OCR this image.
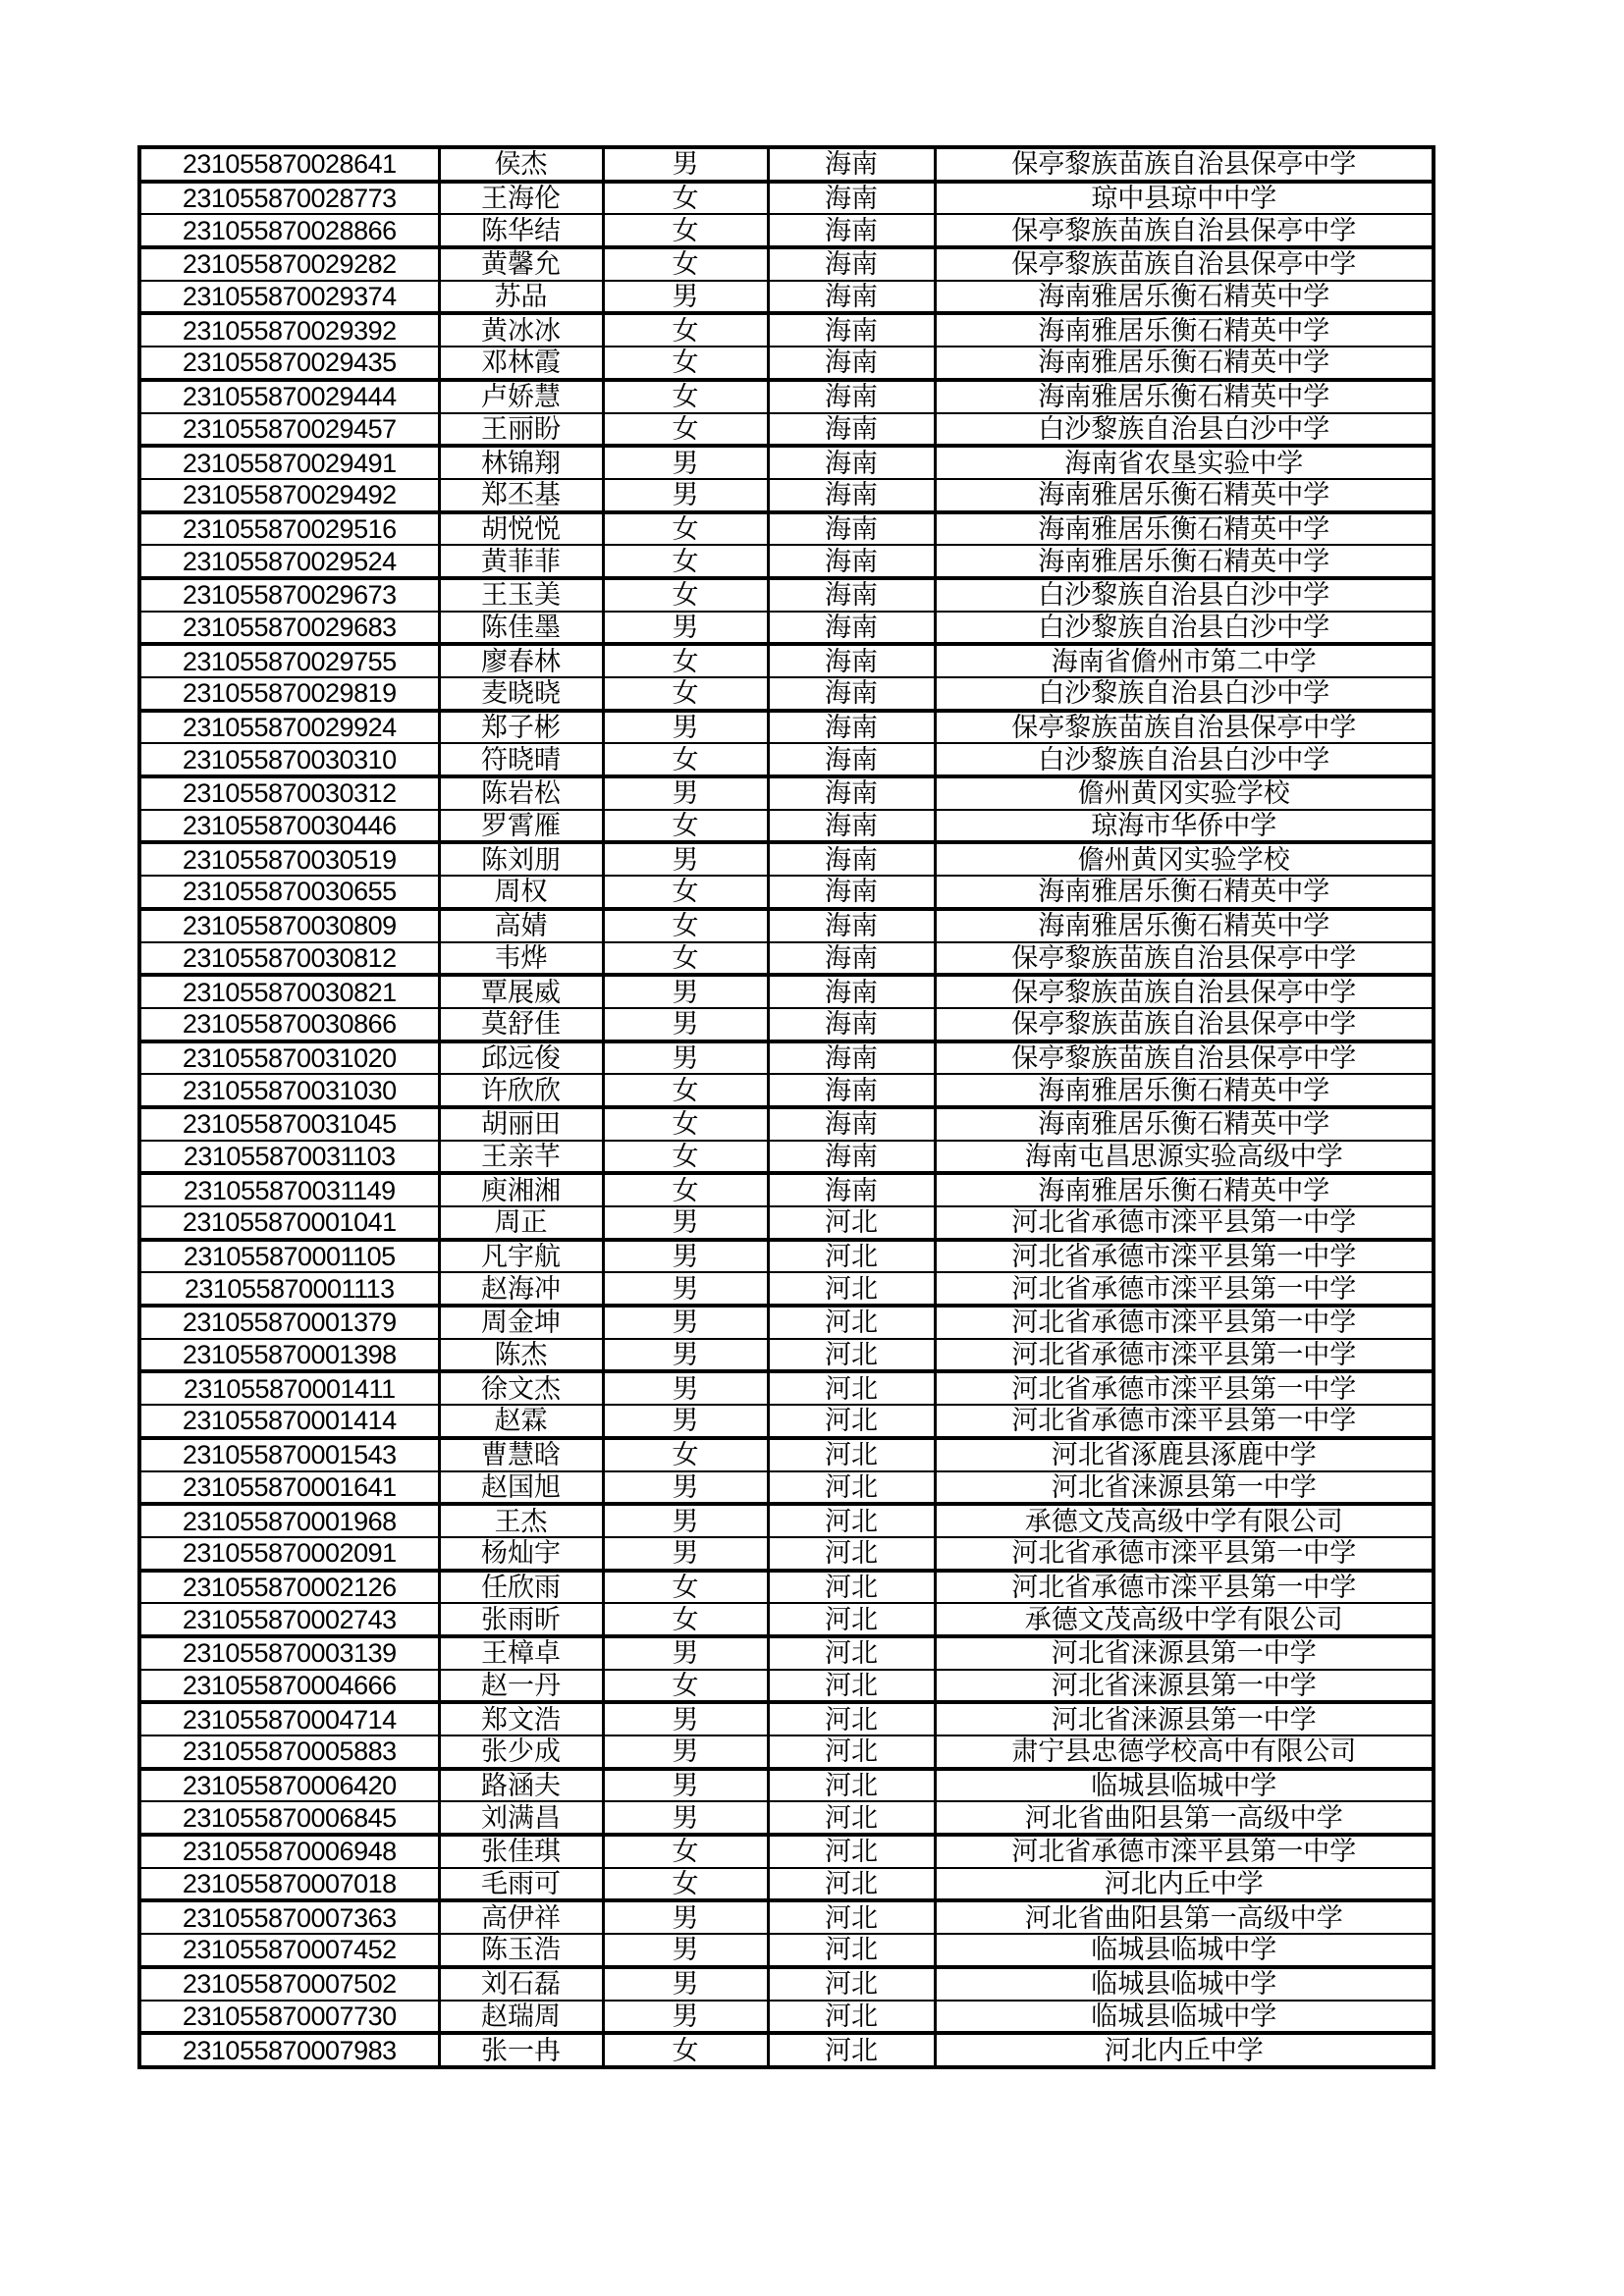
231055870028641	侯杰	男	海南	保亭黎族苗族自治县保亭中学
231055870028773	王海伦	女	海南	琼中县琼中中学
231055870028866	陈华结	女	海南	保亭黎族苗族自治县保亭中学
231055870029282	黄馨允	女	海南	保亭黎族苗族自治县保亭中学
231055870029374	苏品	男	海南	海南雅居乐衡石精英中学
231055870029392	黄冰冰	女	海南	海南雅居乐衡石精英中学
231055870029435	邓林霞	女	海南	海南雅居乐衡石精英中学
231055870029444	卢娇慧	女	海南	海南雅居乐衡石精英中学
231055870029457	王丽盼	女	海南	白沙黎族自治县白沙中学
231055870029491	林锦翔	男	海南	海南省农垦实验中学
231055870029492	郑丕基	男	海南	海南雅居乐衡石精英中学
231055870029516	胡悦悦	女	海南	海南雅居乐衡石精英中学
231055870029524	黄菲菲	女	海南	海南雅居乐衡石精英中学
231055870029673	王玉美	女	海南	白沙黎族自治县白沙中学
231055870029683	陈佳墨	男	海南	白沙黎族自治县白沙中学
231055870029755	廖春林	女	海南	海南省儋州市第二中学
231055870029819	麦晓晓	女	海南	白沙黎族自治县白沙中学
231055870029924	郑子彬	男	海南	保亭黎族苗族自治县保亭中学
231055870030310	符晓晴	女	海南	白沙黎族自治县白沙中学
231055870030312	陈岩松	男	海南	儋州黄冈实验学校
231055870030446	罗霄雁	女	海南	琼海市华侨中学
231055870030519	陈刘朋	男	海南	儋州黄冈实验学校
231055870030655	周权	女	海南	海南雅居乐衡石精英中学
231055870030809	高婧	女	海南	海南雅居乐衡石精英中学
231055870030812	韦烨	女	海南	保亭黎族苗族自治县保亭中学
231055870030821	覃展威	男	海南	保亭黎族苗族自治县保亭中学
231055870030866	莫舒佳	男	海南	保亭黎族苗族自治县保亭中学
231055870031020	邱远俊	男	海南	保亭黎族苗族自治县保亭中学
231055870031030	许欣欣	女	海南	海南雅居乐衡石精英中学
231055870031045	胡丽田	女	海南	海南雅居乐衡石精英中学
231055870031103	王亲芊	女	海南	海南屯昌思源实验高级中学
231055870031149	庾湘湘	女	海南	海南雅居乐衡石精英中学
231055870001041	周正	男	河北	河北省承德市滦平县第一中学
231055870001105	凡宇航	男	河北	河北省承德市滦平县第一中学
231055870001113	赵海冲	男	河北	河北省承德市滦平县第一中学
231055870001379	周金坤	男	河北	河北省承德市滦平县第一中学
231055870001398	陈杰	男	河北	河北省承德市滦平县第一中学
231055870001411	徐文杰	男	河北	河北省承德市滦平县第一中学
231055870001414	赵霖	男	河北	河北省承德市滦平县第一中学
231055870001543	曹慧晗	女	河北	河北省涿鹿县涿鹿中学
231055870001641	赵国旭	男	河北	河北省涞源县第一中学
231055870001968	王杰	男	河北	承德文茂高级中学有限公司
231055870002091	杨灿宇	男	河北	河北省承德市滦平县第一中学
231055870002126	任欣雨	女	河北	河北省承德市滦平县第一中学
231055870002743	张雨昕	女	河北	承德文茂高级中学有限公司
231055870003139	王樟卓	男	河北	河北省涞源县第一中学
231055870004666	赵一丹	女	河北	河北省涞源县第一中学
231055870004714	郑文浩	男	河北	河北省涞源县第一中学
231055870005883	张少成	男	河北	肃宁县忠德学校高中有限公司
231055870006420	路涵夫	男	河北	临城县临城中学
231055870006845	刘满昌	男	河北	河北省曲阳县第一高级中学
231055870006948	张佳琪	女	河北	河北省承德市滦平县第一中学
231055870007018	毛雨可	女	河北	河北内丘中学
231055870007363	高伊祥	男	河北	河北省曲阳县第一高级中学
231055870007452	陈玉浩	男	河北	临城县临城中学
231055870007502	刘石磊	男	河北	临城县临城中学
231055870007730	赵瑞周	男	河北	临城县临城中学
231055870007983	张一冉	女	河北	河北内丘中学
